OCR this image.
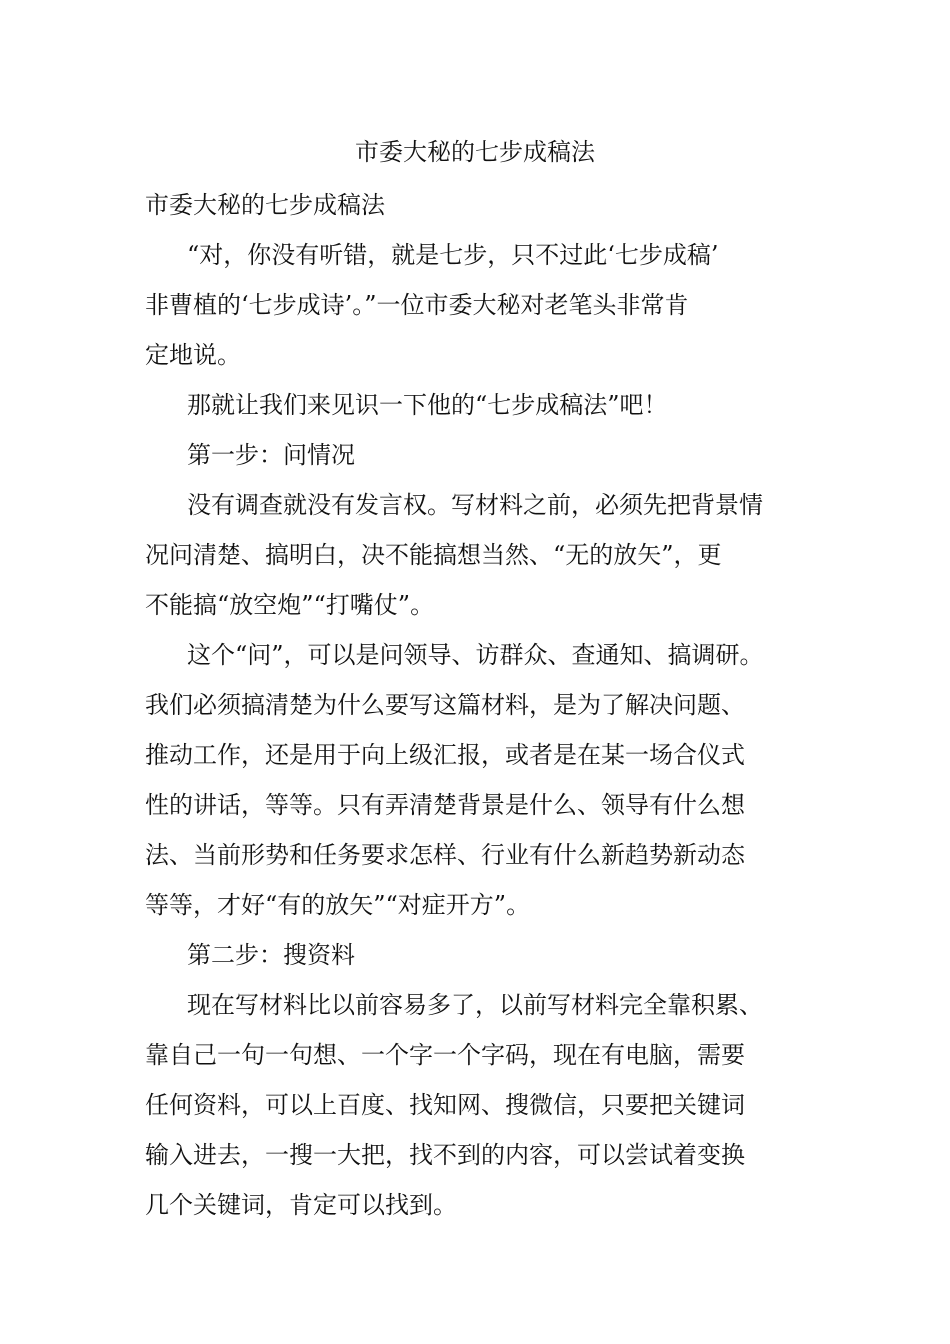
市委大秘的七步成稿法

市委大秘的七步成稿法

“对，你没有听错，就是七步，只不过此‘七步成稿’
非曹植的‘七步成诗’。”一位市委大秘对老笔头非常肯
定地说。

那就让我们来见识一下他的“七步成稿法”吧！

第一步：问情况

没有调查就没有发言权。写材料之前，必须先把背景情
况问清楚、搞明白，决不能搞想当然、“无的放矢”，更
不能搞“放空炮”“打嘴仗”。

这个“问”，可以是问领导、访群众、查通知、搞调研。
我们必须搞清楚为什么要写这篇材料，是为了解决问题、
推动工作，还是用于向上级汇报，或者是在某一场合仪式
性的讲话，等等。只有弄清楚背景是什么、领导有什么想
法、当前形势和任务要求怎样、行业有什么新趋势新动态
等等，才好“有的放矢”“对症开方”。

第二步：搜资料

现在写材料比以前容易多了，以前写材料完全靠积累、
靠自己一句一句想、一个字一个字码，现在有电脑，需要
任何资料，可以上百度、找知网、搜微信，只要把关键词
输入进去，一搜一大把，找不到的内容，可以尝试着变换
几个关键词，肯定可以找到。
